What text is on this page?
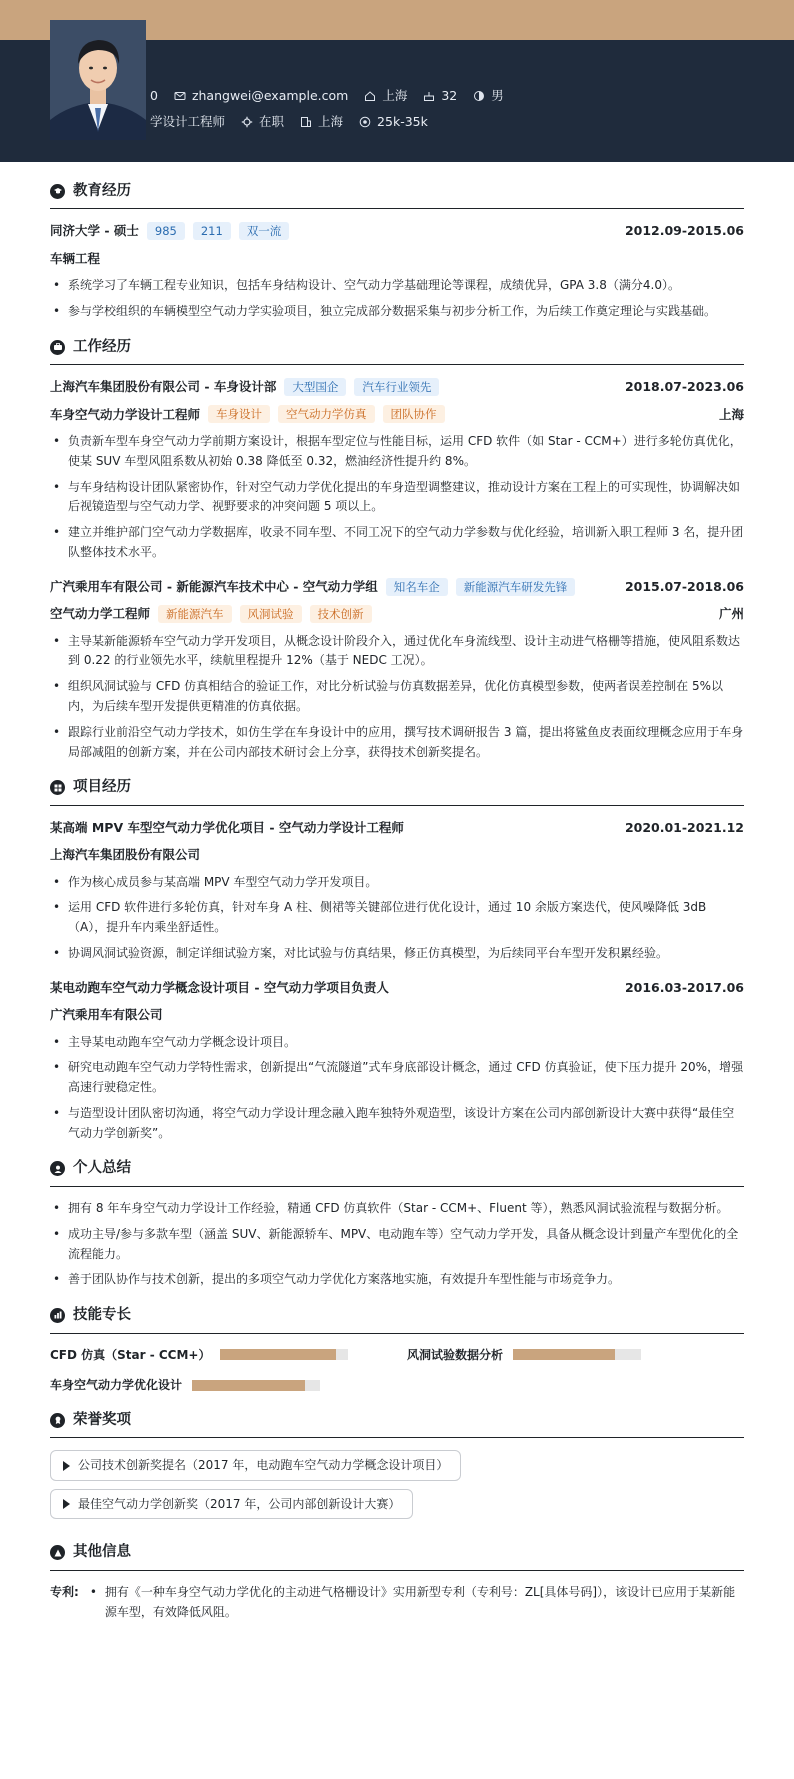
0	zhangwei@example.com	上海	32	男
学设计工程师	在职	上海	25k-35k
教育经历
同济大学 - 硕士	985	211	双一流	2012.09-2015.06
车辆工程
• 系统学习了车辆工程专业知识，包括车身结构设计、空气动力学基础理论等课程，成绩优异，GPA 3.8（满分4.0）。
• 参与学校组织的车辆模型空气动力学实验项目，独立完成部分数据采集与初步分析工作，为后续工作奠定理论与实践基础。
工作经历
上海汽车集团股份有限公司 - 车身设计部	大型国企	汽车行业领先	2018.07-2023.06
车身空气动力学设计工程师	车身设计	空气动力学仿真	团队协作	上海
• 负责新车型车身空气动力学前期方案设计，根据车型定位与性能目标，运用 CFD 软件（如 Star - CCM+）进行多轮仿真优化，使某 SUV 车型风阻系数从初始 0.38 降低至 0.32，燃油经济性提升约 8%。
• 与车身结构设计团队紧密协作，针对空气动力学优化提出的车身造型调整建议，推动设计方案在工程上的可实现性，协调解决如后视镜造型与空气动力学、视野要求的冲突问题 5 项以上。
• 建立并维护部门空气动力学数据库，收录不同车型、不同工况下的空气动力学参数与优化经验，培训新入职工程师 3 名，提升团队整体技术水平。
广汽乘用车有限公司 - 新能源汽车技术中心 - 空气动力学组	知名车企	新能源汽车研发先锋	2015.07-2018.06
空气动力学工程师	新能源汽车	风洞试验	技术创新	广州
• 主导某新能源轿车空气动力学开发项目，从概念设计阶段介入，通过优化车身流线型、设计主动进气格栅等措施，使风阻系数达到 0.22 的行业领先水平，续航里程提升 12%（基于 NEDC 工况）。
• 组织风洞试验与 CFD 仿真相结合的验证工作，对比分析试验与仿真数据差异，优化仿真模型参数，使两者误差控制在 5%以内，为后续车型开发提供更精准的仿真依据。
• 跟踪行业前沿空气动力学技术，如仿生学在车身设计中的应用，撰写技术调研报告 3 篇，提出将鲨鱼皮表面纹理概念应用于车身局部减阻的创新方案，并在公司内部技术研讨会上分享，获得技术创新奖提名。
项目经历
某高端 MPV 车型空气动力学优化项目 - 空气动力学设计工程师	2020.01-2021.12
上海汽车集团股份有限公司
• 作为核心成员参与某高端 MPV 车型空气动力学开发项目。
• 运用 CFD 软件进行多轮仿真，针对车身 A 柱、侧裙等关键部位进行优化设计，通过 10 余版方案迭代，使风噪降低 3dB（A），提升车内乘坐舒适性。
• 协调风洞试验资源，制定详细试验方案，对比试验与仿真结果，修正仿真模型，为后续同平台车型开发积累经验。
某电动跑车空气动力学概念设计项目 - 空气动力学项目负责人	2016.03-2017.06
广汽乘用车有限公司
• 主导某电动跑车空气动力学概念设计项目。
• 研究电动跑车空气动力学特性需求，创新提出“气流隧道”式车身底部设计概念，通过 CFD 仿真验证，使下压力提升 20%，增强高速行驶稳定性。
• 与造型设计团队密切沟通，将空气动力学设计理念融入跑车独特外观造型，该设计方案在公司内部创新设计大赛中获得“最佳空气动力学创新奖”。
个人总结
• 拥有 8 年车身空气动力学设计工作经验，精通 CFD 仿真软件（Star - CCM+、Fluent 等），熟悉风洞试验流程与数据分析。
• 成功主导/参与多款车型（涵盖 SUV、新能源轿车、MPV、电动跑车等）空气动力学开发，具备从概念设计到量产车型优化的全流程能力。
• 善于团队协作与技术创新，提出的多项空气动力学优化方案落地实施，有效提升车型性能与市场竞争力。
技能专长
CFD 仿真（Star - CCM+）	风洞试验数据分析
车身空气动力学优化设计
荣誉奖项
公司技术创新奖提名（2017 年，电动跑车空气动力学概念设计项目）
最佳空气动力学创新奖（2017 年，公司内部创新设计大赛）
其他信息
专利:
•	拥有《一种车身空气动力学优化的主动进气格栅设计》实用新型专利（专利号：ZL[具体号码]），该设计已应用于某新能源车型，有效降低风阻。
